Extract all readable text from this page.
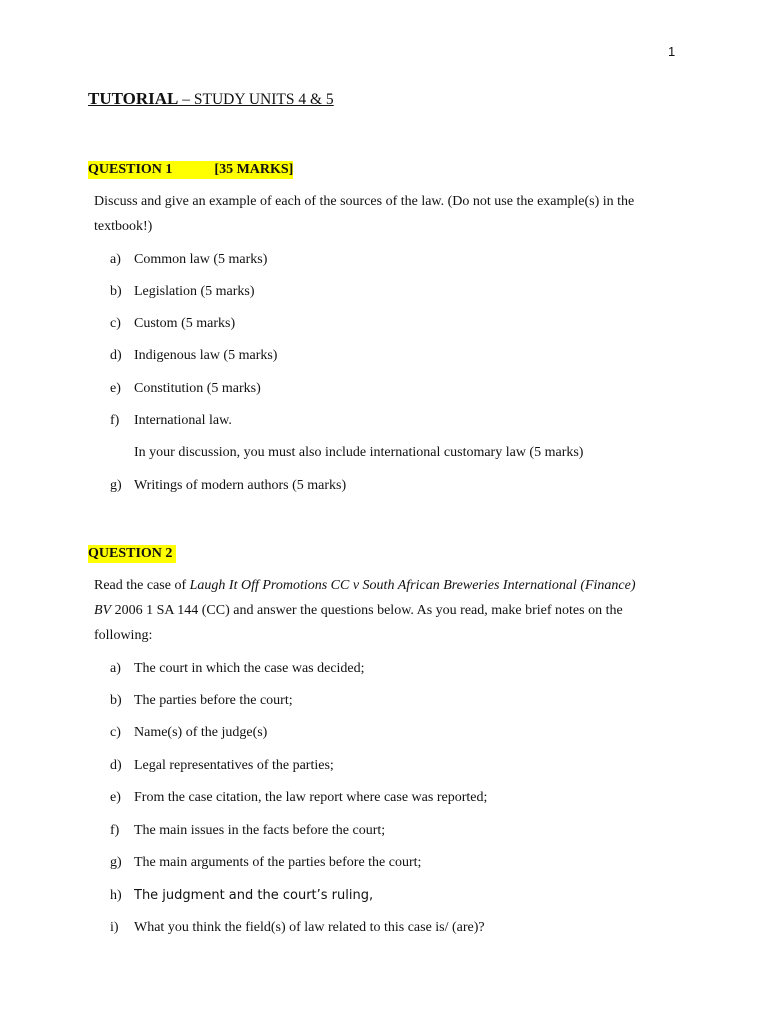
1
TUTORIAL – STUDY UNITS 4 & 5
QUESTION 1            [35 MARKS]
Discuss and give an example of each of the sources of the law. (Do not use the example(s) in the textbook!)
a) Common law (5 marks)
b) Legislation (5 marks)
c) Custom (5 marks)
d) Indigenous law (5 marks)
e) Constitution (5 marks)
f) International law.
In your discussion, you must also include international customary law (5 marks)
g) Writings of modern authors (5 marks)
QUESTION 2
Read the case of Laugh It Off Promotions CC v South African Breweries International (Finance) BV 2006 1 SA 144 (CC) and answer the questions below. As you read, make brief notes on the following:
a) The court in which the case was decided;
b) The parties before the court;
c) Name(s) of the judge(s)
d) Legal representatives of the parties;
e) From the case citation, the law report where case was reported;
f) The main issues in the facts before the court;
g) The main arguments of the parties before the court;
h) The judgment and the court’s ruling,
i) What you think the field(s) of law related to this case is/ (are)?
